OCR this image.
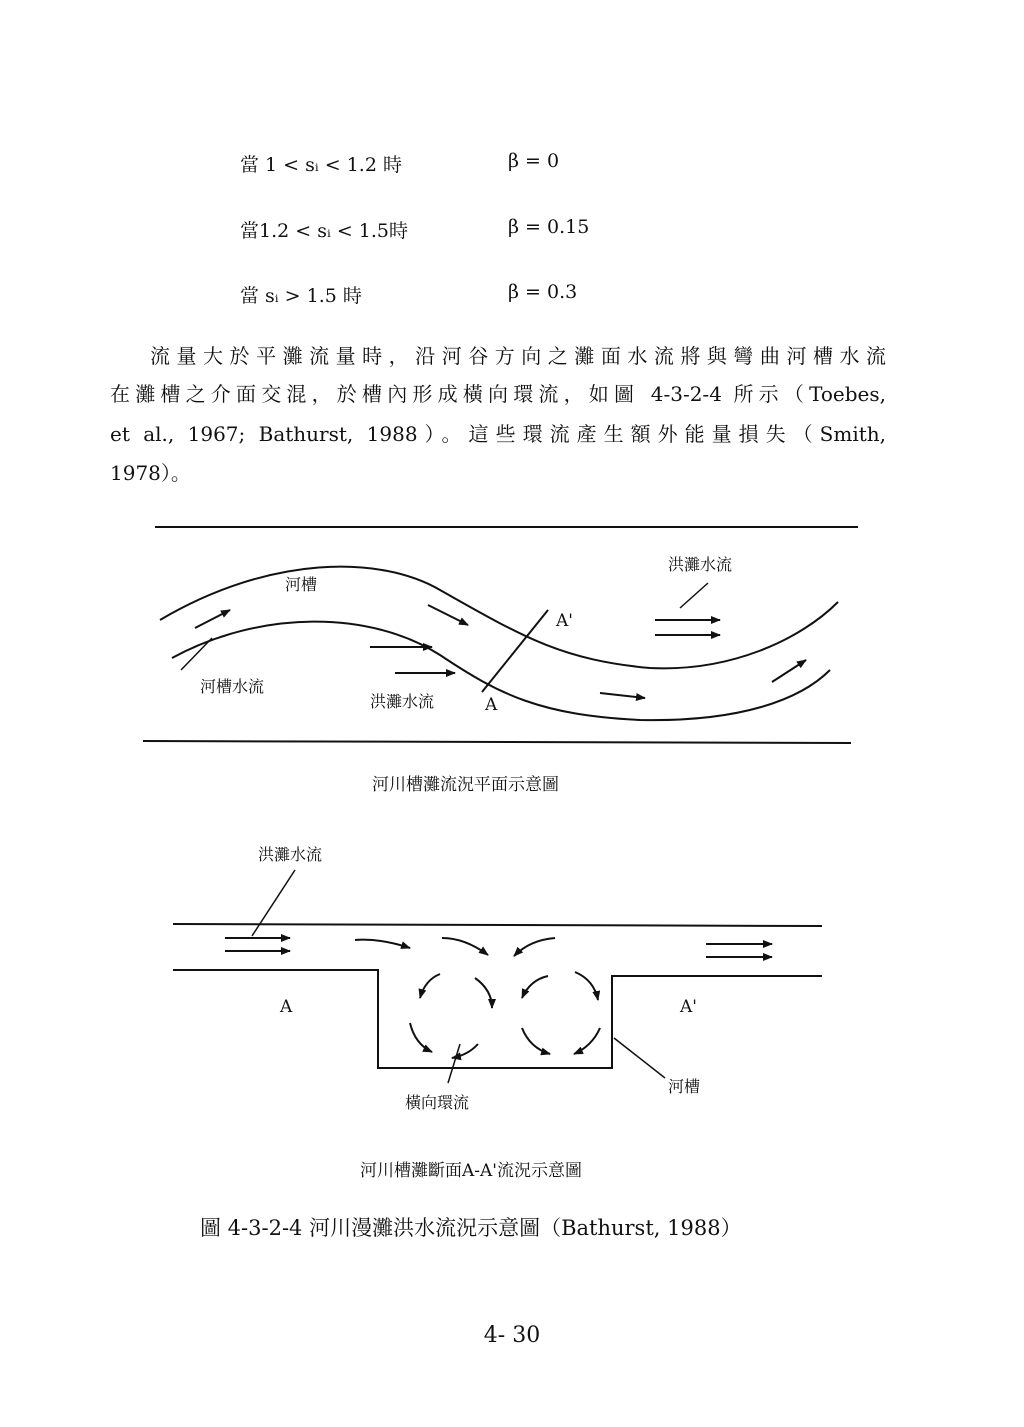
當 1 < sᵢ < 1.2 時	β = 0
當1.2 < sᵢ < 1.5時	β = 0.15
當 sᵢ > 1.5 時	β = 0.3
流量大於平灘流量時，沿河谷方向之灘面水流將與彎曲河槽水流
在灘槽之介面交混，於槽內形成橫向環流，如圖 4-3-2-4 所示（Toebes,
et al., 1967; Bathurst, 1988）。這些環流產生額外能量損失（Smith,
1978）。
河槽
洪灘水流
河槽水流
洪灘水流	A
A'
河川槽灘流況平面示意圖
洪灘水流
A	A'
橫向環流
河槽
河川槽灘斷面A-A'流況示意圖
圖 4-3-2-4 河川漫灘洪水流況示意圖（Bathurst, 1988）
4- 30
